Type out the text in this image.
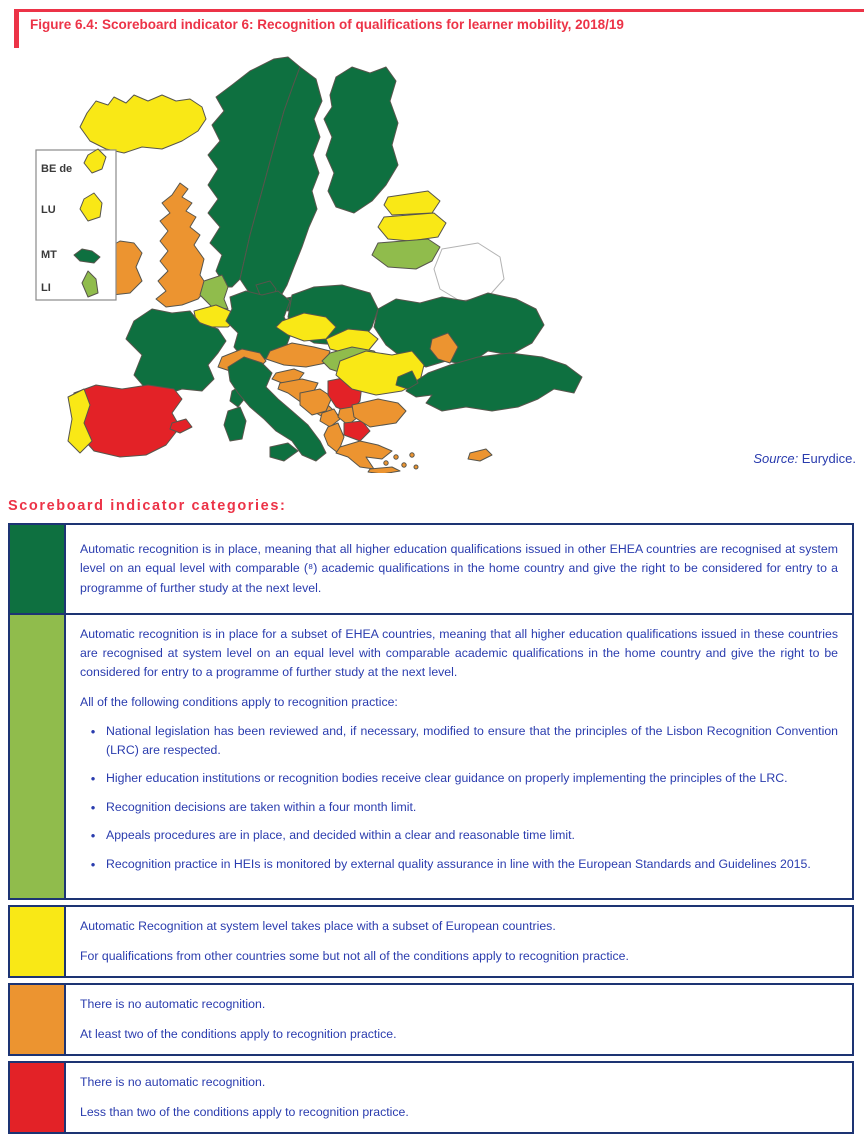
Figure 6.4: Scoreboard indicator 6: Recognition of qualifications for learner mobility, 2018/19
BE de
LU
MT
LI
Source: Eurydice.
Scoreboard indicator categories:

Automatic recognition is in place, meaning that all higher education qualifications issued in other EHEA countries are recognised at system level on an equal level with comparable (⁸) academic qualifications in the home country and give the right to be considered for entry to a programme of further study at the next level.

Automatic recognition is in place for a subset of EHEA countries, meaning that all higher education qualifications issued in these countries are recognised at system level on an equal level with comparable academic qualifications in the home country and give the right to be considered for entry to a programme of further study at the next level.

All of the following conditions apply to recognition practice:

• National legislation has been reviewed and, if necessary, modified to ensure that the principles of the Lisbon Recognition Convention (LRC) are respected.
• Higher education institutions or recognition bodies receive clear guidance on properly implementing the principles of the LRC.
• Recognition decisions are taken within a four month limit.
• Appeals procedures are in place, and decided within a clear and reasonable time limit.
• Recognition practice in HEIs is monitored by external quality assurance in line with the European Standards and Guidelines 2015.

Automatic Recognition at system level takes place with a subset of European countries.

For qualifications from other countries some but not all of the conditions apply to recognition practice.

There is no automatic recognition.

At least two of the conditions apply to recognition practice.

There is no automatic recognition.

Less than two of the conditions apply to recognition practice.
